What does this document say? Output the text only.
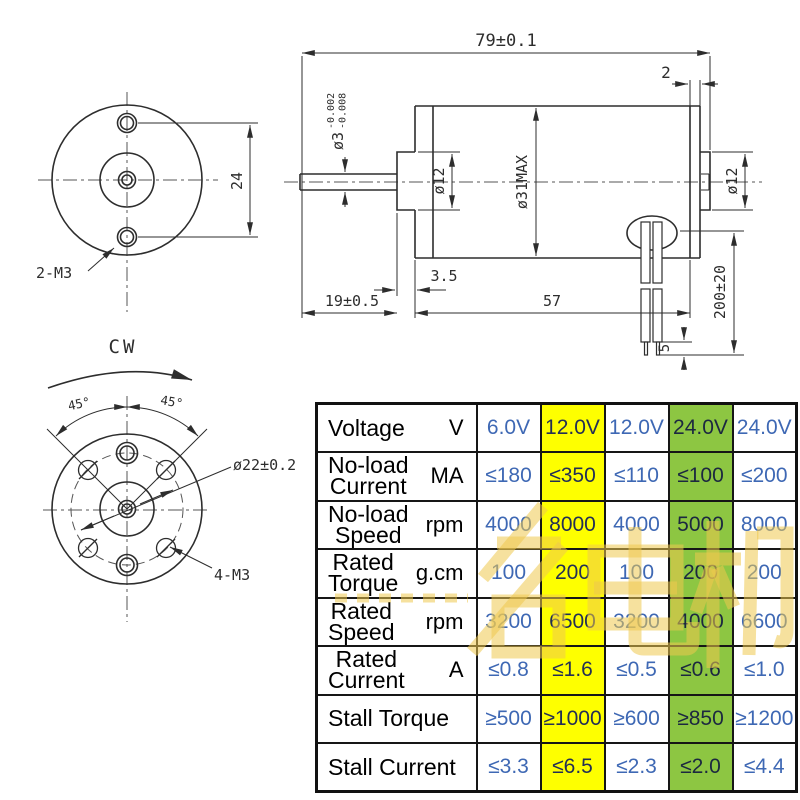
79±0.1
2
ø3
-0.002 -0.008
ø12	ø31MAX	ø12
3.5
19±0.5	57	200±20
5
24
2-M3
CW
45°	45°
ø22±0.2
4-M3
Voltage V	6.0V	12.0V	12.0V	24.0V	24.0V

No-load
Current MA	≤180	≤350	≤110	≤100	≤200

No-load
Speed rpm	4000	8000	4000	5000	8000

Rated
Torque g.cm	100	200	100	200	200

Rated
Speed rpm	3200	6500	3200	4000	6600

Rated
Current A	≤0.8	≤1.6	≤0.5	≤0.6	≤1.0

Stall Torque	≥500	≥1000	≥600	≥850	≥1200

Stall Current	≤3.3	≤6.5	≤2.3	≤2.0	≤4.4
